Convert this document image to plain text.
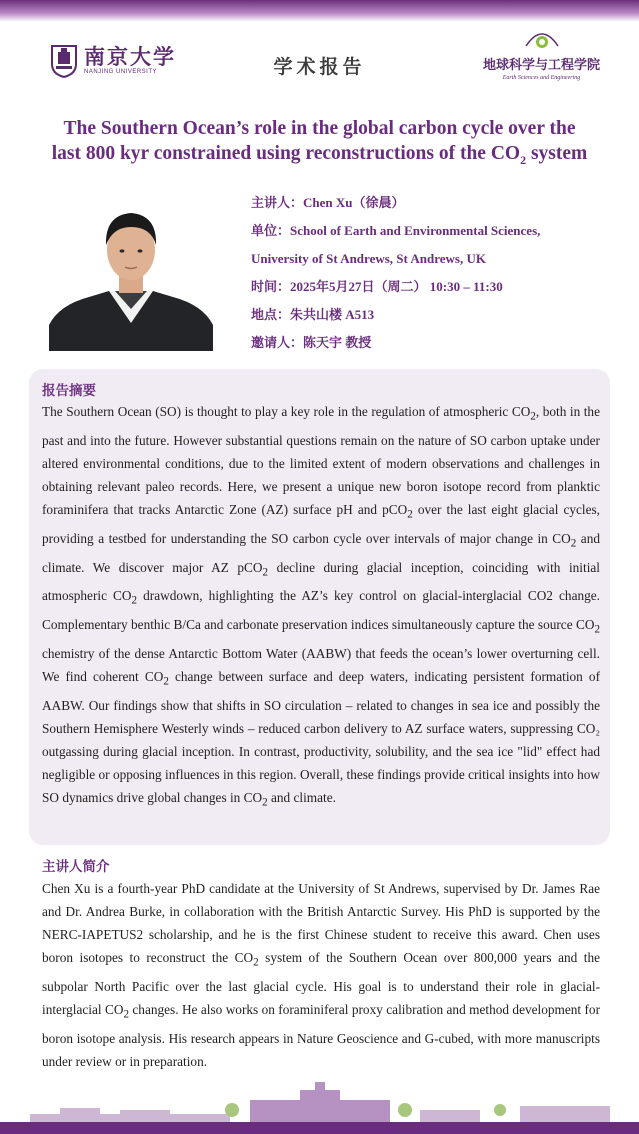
南京大学
NANJING UNIVERSITY	学术报告	地球科学与工程学院
Earth Sciences and Engineering
The Southern Ocean’s role in the global carbon cycle over the
last 800 kyr constrained using reconstructions of the $CO_2$ system
主讲人：Chen Xu（徐晨）
单位：School of Earth and Environmental Sciences,
University of St Andrews, St Andrews, UK
时间：2025年5月27日（周二） 10:30 – 11:30
地点：朱共山楼 A513
邀请人：陈天宇 教授
报告摘要
The Southern Ocean (SO) is thought to play a key role in the regulation of atmospheric $CO_2$, both in the past and into the future. However substantial questions remain on the nature of SO carbon uptake under altered environmental conditions, due to the limited extent of modern observations and challenges in obtaining relevant paleo records. Here, we present a unique new boron isotope record from planktic foraminifera that tracks Antarctic Zone (AZ) surface pH and pCO$_2$ over the last eight glacial cycles, providing a testbed for understanding the SO carbon cycle over intervals of major change in $CO_2$ and climate. We discover major AZ pCO$_2$ decline during glacial inception, coinciding with initial atmospheric $CO_2$ drawdown, highlighting the AZ’s key control on glacial-interglacial CO2 change. Complementary benthic B/Ca and carbonate preservation indices simultaneously capture the source $CO_2$ chemistry of the dense Antarctic Bottom Water (AABW) that feeds the ocean’s lower overturning cell. We find coherent $CO_2$ change between surface and deep waters, indicating persistent formation of AABW. Our findings show that shifts in SO circulation – related to changes in sea ice and possibly the Southern Hemisphere Westerly winds – reduced carbon delivery to AZ surface waters, suppressing CO₂ outgassing during glacial inception. In contrast, productivity, solubility, and the sea ice "lid" effect had negligible or opposing influences in this region. Overall, these findings provide critical insights into how SO dynamics drive global changes in $CO_2$ and climate.
主讲人简介
Chen Xu is a fourth-year PhD candidate at the University of St Andrews, supervised by Dr. James Rae and Dr. Andrea Burke, in collaboration with the British Antarctic Survey. His PhD is supported by the NERC-IAPETUS2 scholarship, and he is the first Chinese student to receive this award. Chen uses boron isotopes to reconstruct the $CO_2$ system of the Southern Ocean over 800,000 years and the subpolar North Pacific over the last glacial cycle. His goal is to understand their role in glacial-interglacial $CO_2$ changes. He also works on foraminiferal proxy calibration and method development for boron isotope analysis. His research appears in Nature Geoscience and G-cubed, with more manuscripts under review or in preparation.
